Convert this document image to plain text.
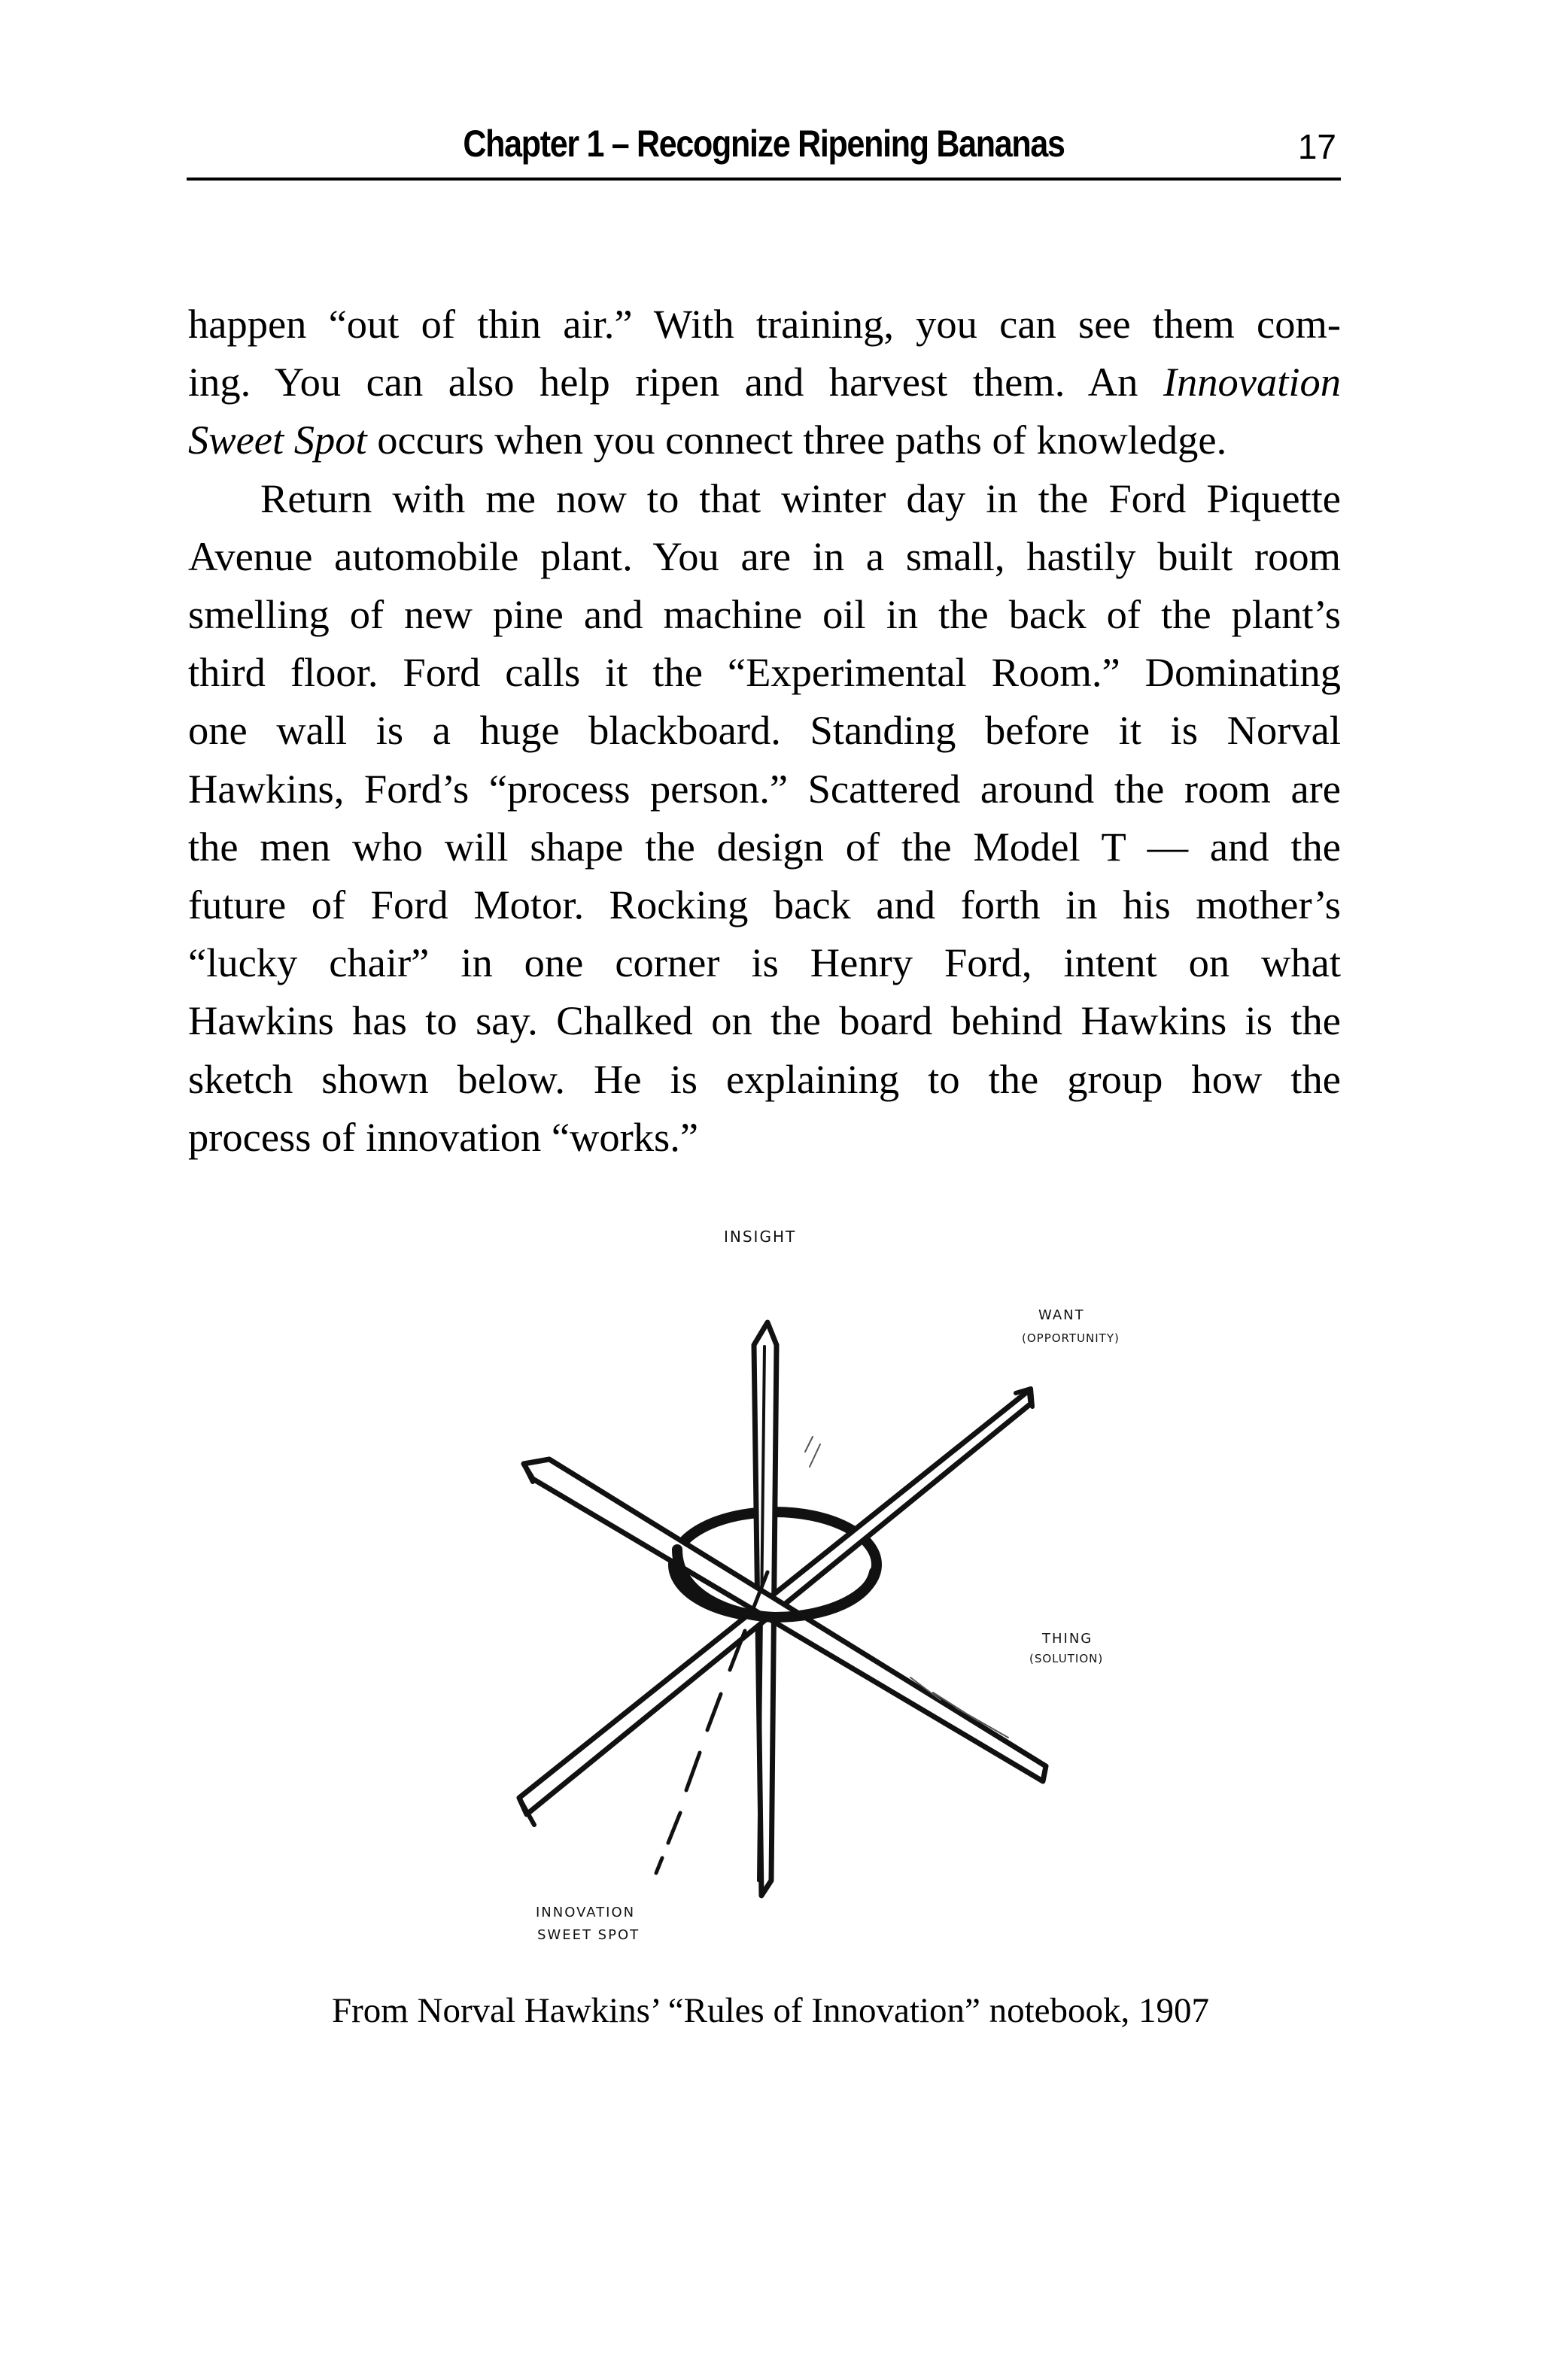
Chapter 1 – Recognize Ripening Bananas	17

happen “out of thin air.” With training, you can see them com-
ing. You can also help ripen and harvest them. An Innovation
Sweet Spot occurs when you connect three paths of knowledge.

Return with me now to that winter day in the Ford Piquette
Avenue automobile plant. You are in a small, hastily built room
smelling of new pine and machine oil in the back of the plant’s
third floor. Ford calls it the “Experimental Room.” Dominating
one wall is a huge blackboard. Standing before it is Norval
Hawkins, Ford’s “process person.” Scattered around the room are
the men who will shape the design of the Model T — and the
future of Ford Motor. Rocking back and forth in his mother’s
“lucky chair” in one corner is Henry Ford, intent on what
Hawkins has to say. Chalked on the board behind Hawkins is the
sketch shown below. He is explaining to the group how the
process of innovation “works.”

INSIGHT
WANT
(OPPORTUNITY)
THING
(SOLUTION)
INNOVATION
SWEET SPOT
From Norval Hawkins’ “Rules of Innovation” notebook, 1907
